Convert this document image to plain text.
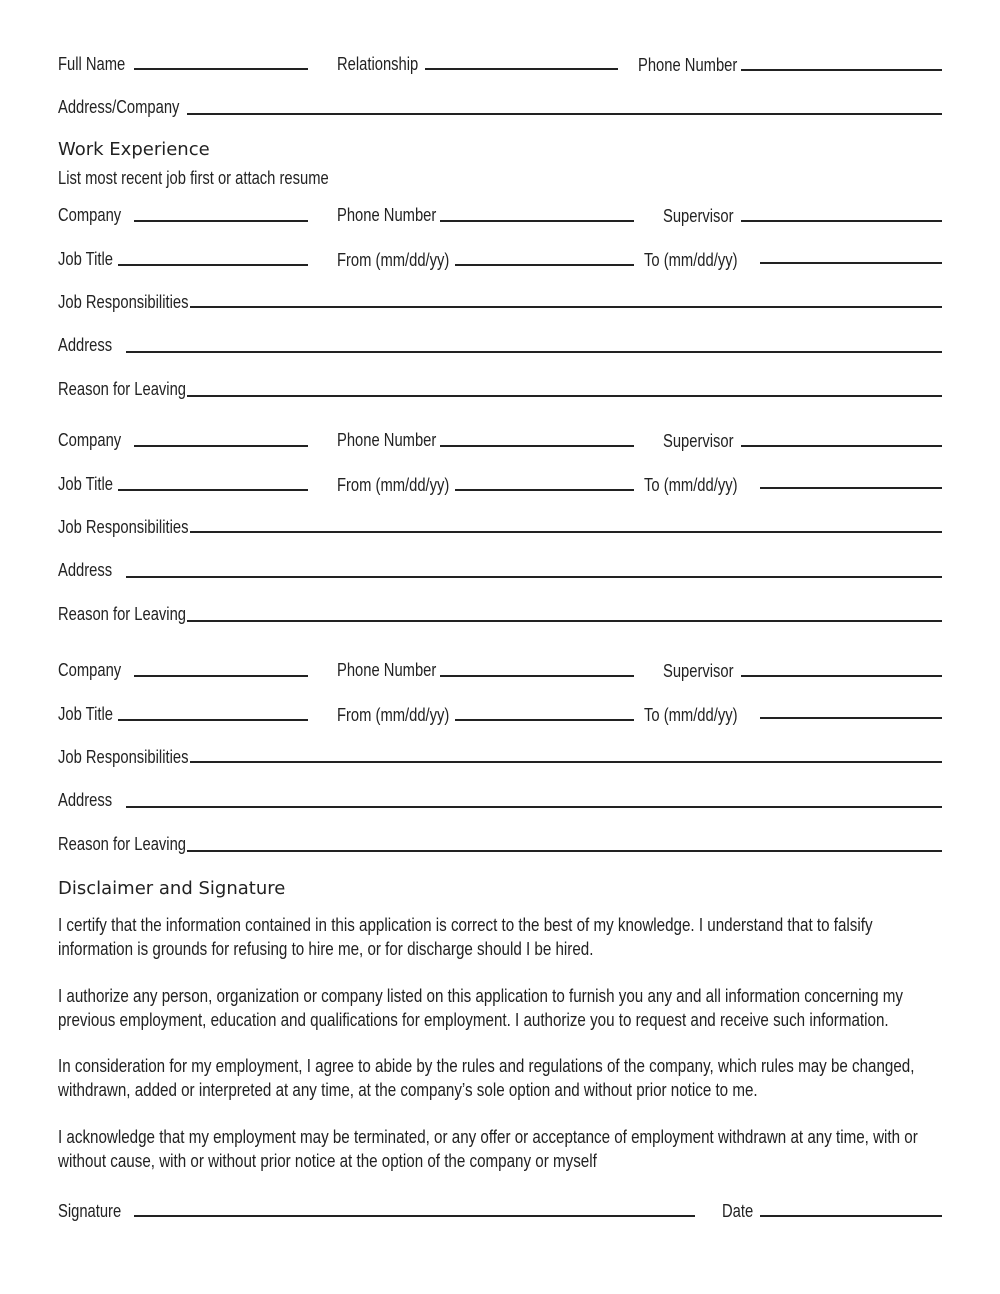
Full Name	Relationship	Phone Number
Address/Company
Work Experience
List most recent job first or attach resume
Company	Phone Number	Supervisor
Job Title	From (mm/dd/yy)	To (mm/dd/yy)
Job Responsibilities
Address
Reason for Leaving
Company	Phone Number	Supervisor
Job Title	From (mm/dd/yy)	To (mm/dd/yy)
Job Responsibilities
Address
Reason for Leaving
Company	Phone Number	Supervisor
Job Title	From (mm/dd/yy)	To (mm/dd/yy)
Job Responsibilities
Address
Reason for Leaving
Disclaimer and Signature
I certify that the information contained in this application is correct to the best of my knowledge. I understand that to falsify information is grounds for refusing to hire me, or for discharge should I be hired.
I authorize any person, organization or company listed on this application to furnish you any and all information concerning my previous employment, education and qualifications for employment. I authorize you to request and receive such information.
In consideration for my employment, I agree to abide by the rules and regulations of the company, which rules may be changed, withdrawn, added or interpreted at any time, at the company’s sole option and without prior notice to me.
I acknowledge that my employment may be terminated, or any offer or acceptance of employment withdrawn at any time, with or without cause, with or without prior notice at the option of the company or myself
Signature	Date
